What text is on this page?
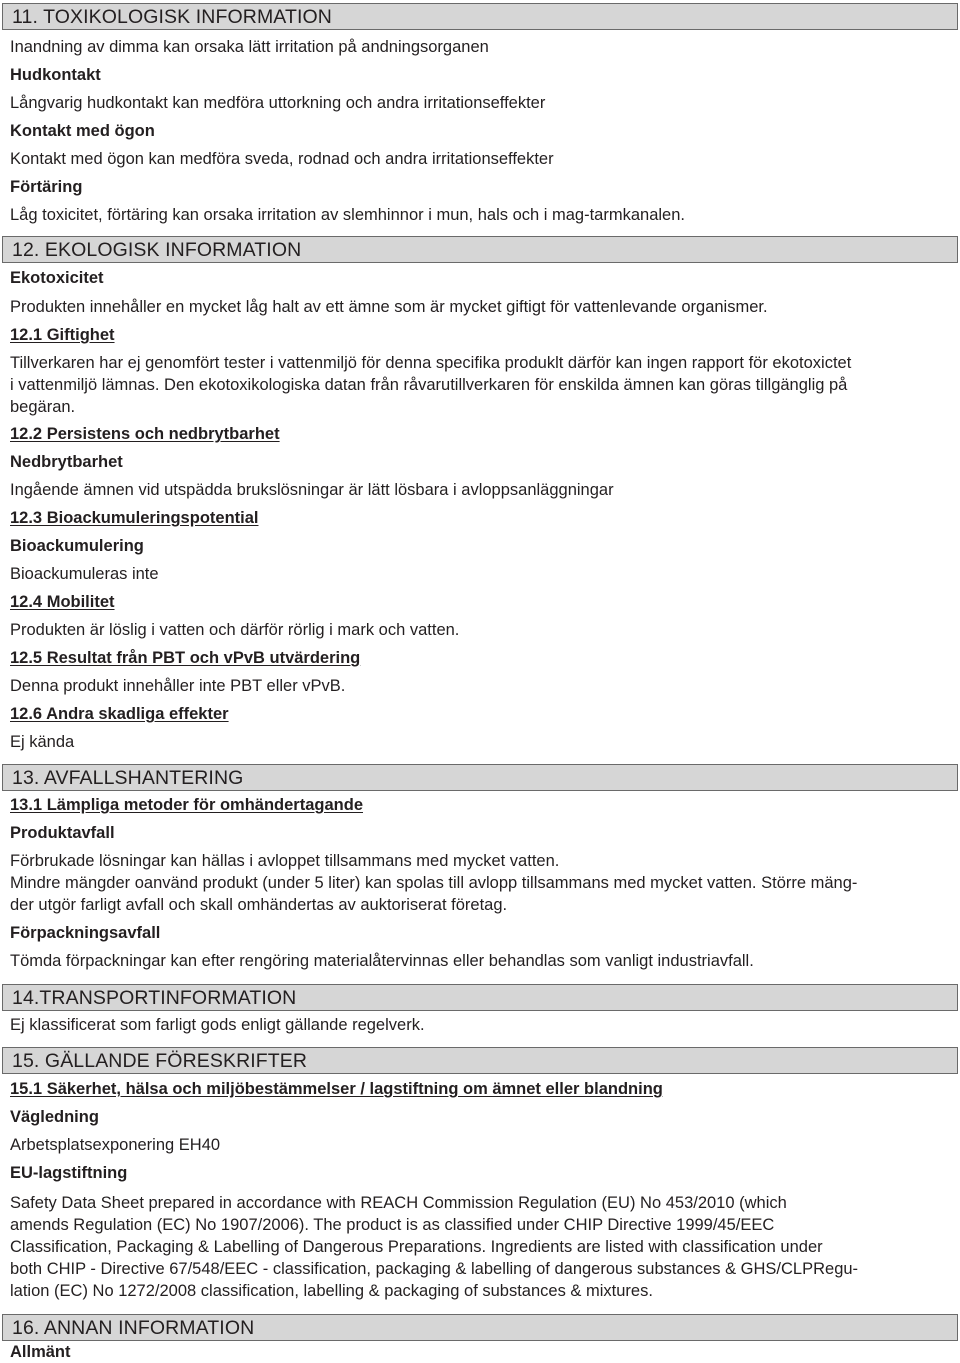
11. TOXIKOLOGISK INFORMATION
Inandning av dimma kan orsaka lätt irritation på andningsorganen
Hudkontakt
Långvarig hudkontakt kan medföra uttorkning och andra irritationseffekter
Kontakt med ögon
Kontakt med ögon kan medföra sveda, rodnad och andra irritationseffekter
Förtäring
Låg toxicitet, förtäring kan orsaka irritation av slemhinnor i mun, hals och i mag-tarmkanalen.
12. EKOLOGISK INFORMATION
Ekotoxicitet
Produkten innehåller en mycket låg halt av ett ämne som är mycket giftigt för vattenlevande organismer.
12.1 Giftighet
Tillverkaren har ej genomfört tester i vattenmiljö för denna specifika produklt därför kan ingen rapport för ekotoxictet
i vattenmiljö lämnas. Den ekotoxikologiska datan från råvarutillverkaren för enskilda ämnen kan göras tillgänglig på
begäran.
12.2 Persistens och nedbrytbarhet
Nedbrytbarhet
Ingående ämnen vid utspädda brukslösningar är lätt lösbara i avloppsanläggningar
12.3 Bioackumuleringspotential
Bioackumulering
Bioackumuleras inte
12.4 Mobilitet
Produkten är löslig i vatten och därför rörlig i mark och vatten.
12.5 Resultat från PBT och vPvB utvärdering
Denna produkt innehåller inte PBT eller vPvB.
12.6 Andra skadliga effekter
Ej kända
13. AVFALLSHANTERING
13.1 Lämpliga metoder för omhändertagande
Produktavfall
Förbrukade lösningar kan hällas i avloppet tillsammans med mycket vatten.
Mindre mängder oanvänd produkt (under 5 liter) kan spolas till avlopp tillsammans med mycket vatten. Större mäng-
der utgör farligt avfall och skall omhändertas av auktoriserat företag.
Förpackningsavfall
Tömda förpackningar kan efter rengöring materialåtervinnas eller behandlas som vanligt industriavfall.
14.TRANSPORTINFORMATION
Ej klassificerat som farligt gods enligt gällande regelverk.
15. GÄLLANDE FÖRESKRIFTER
15.1 Säkerhet, hälsa och miljöbestämmelser / lagstiftning om ämnet eller blandning
Vägledning
Arbetsplatsexponering EH40
EU-lagstiftning
Safety Data Sheet prepared in accordance with REACH Commission Regulation (EU) No 453/2010 (which
amends Regulation (EC) No 1907/2006). The product is as classified under CHIP Directive 1999/45/EEC
Classification, Packaging & Labelling of Dangerous Preparations. Ingredients are listed with classification under
both CHIP - Directive 67/548/EEC - classification, packaging & labelling of dangerous substances & GHS/CLPRegu-
lation (EC) No 1272/2008 classification, labelling & packaging of substances & mixtures.
16. ANNAN INFORMATION
Allmänt
